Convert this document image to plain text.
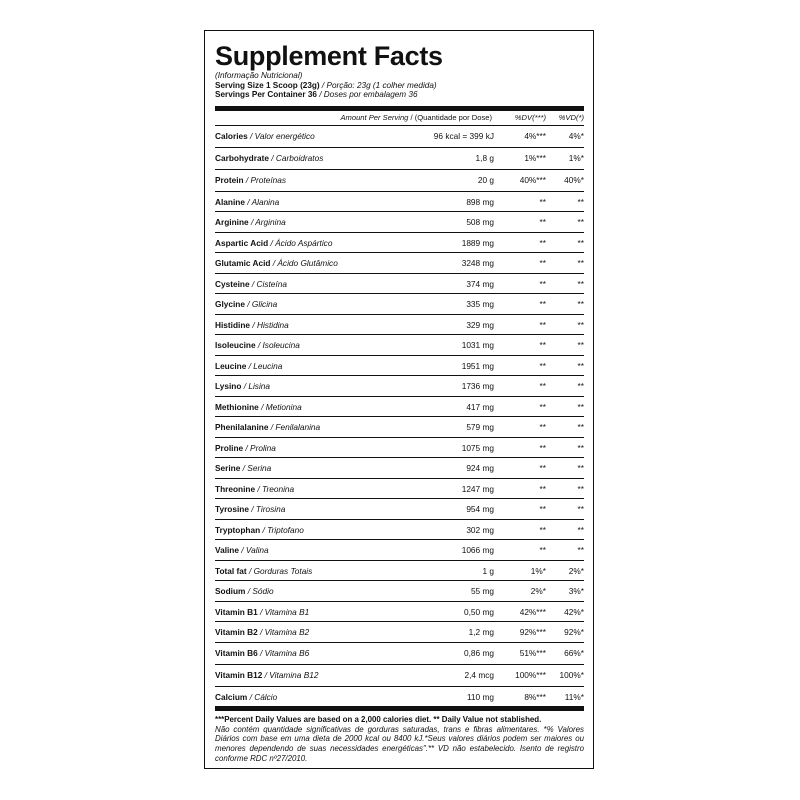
Supplement Facts
(Informação Nutricional)
Serving Size 1 Scoop (23g) / Porção: 23g (1 colher medida)
Servings Per Container 36 / Doses por embalagem 36
Amount Per Serving / (Quantidade por Dose)	%DV(***)	%VD(*)
Calories / Valor energético	96 kcal = 399 kJ	4%***	4%*
Carbohydrate / Carboidratos	1,8 g	1%***	1%*
Protein / Proteínas	20 g	40%***	40%*
Alanine / Alanina	898 mg	**	**
Arginine / Arginina	508 mg	**	**
Aspartic Acid / Ácido Aspártico	1889 mg	**	**
Glutamic Acid / Ácido Glutâmico	3248 mg	**	**
Cysteine / Cisteína	374 mg	**	**
Glycine / Glicina	335 mg	**	**
Histidine / Histidina	329 mg	**	**
Isoleucine / Isoleucina	1031 mg	**	**
Leucine / Leucina	1951 mg	**	**
Lysino / Lisina	1736 mg	**	**
Methionine / Metionina	417 mg	**	**
Phenilalanine / Fenilalanina	579 mg	**	**
Proline / Prolina	1075 mg	**	**
Serine / Serina	924 mg	**	**
Threonine / Treonina	1247 mg	**	**
Tyrosine / Tirosina	954 mg	**	**
Tryptophan / Triptofano	302 mg	**	**
Valine / Valina	1066 mg	**	**
Total fat / Gorduras Totais	1 g	1%*	2%*
Sodium / Sódio	55 mg	2%*	3%*
Vitamin B1 / Vitamina B1	0,50 mg	42%***	42%*
Vitamin B2 / Vitamina B2	1,2 mg	92%***	92%*
Vitamin B6 / Vitamina B6	0,86 mg	51%***	66%*
Vitamin B12 / Vitamina B12	2,4 mcg	100%***	100%*
Calcium / Cálcio	110 mg	8%***	11%*
***Percent Daily Values are based on a 2,000 calories diet. ** Daily Value not stablished.
Não contém quantidade significativas de gorduras saturadas, trans e fibras alimentares. *% Valores Diários com base em uma dieta de 2000 kcal ou 8400 kJ.*Seus valores diários podem ser maiores ou menores dependendo de suas necessidades energéticas".** VD não estabelecido. Isento de registro conforme RDC nº27/2010.
